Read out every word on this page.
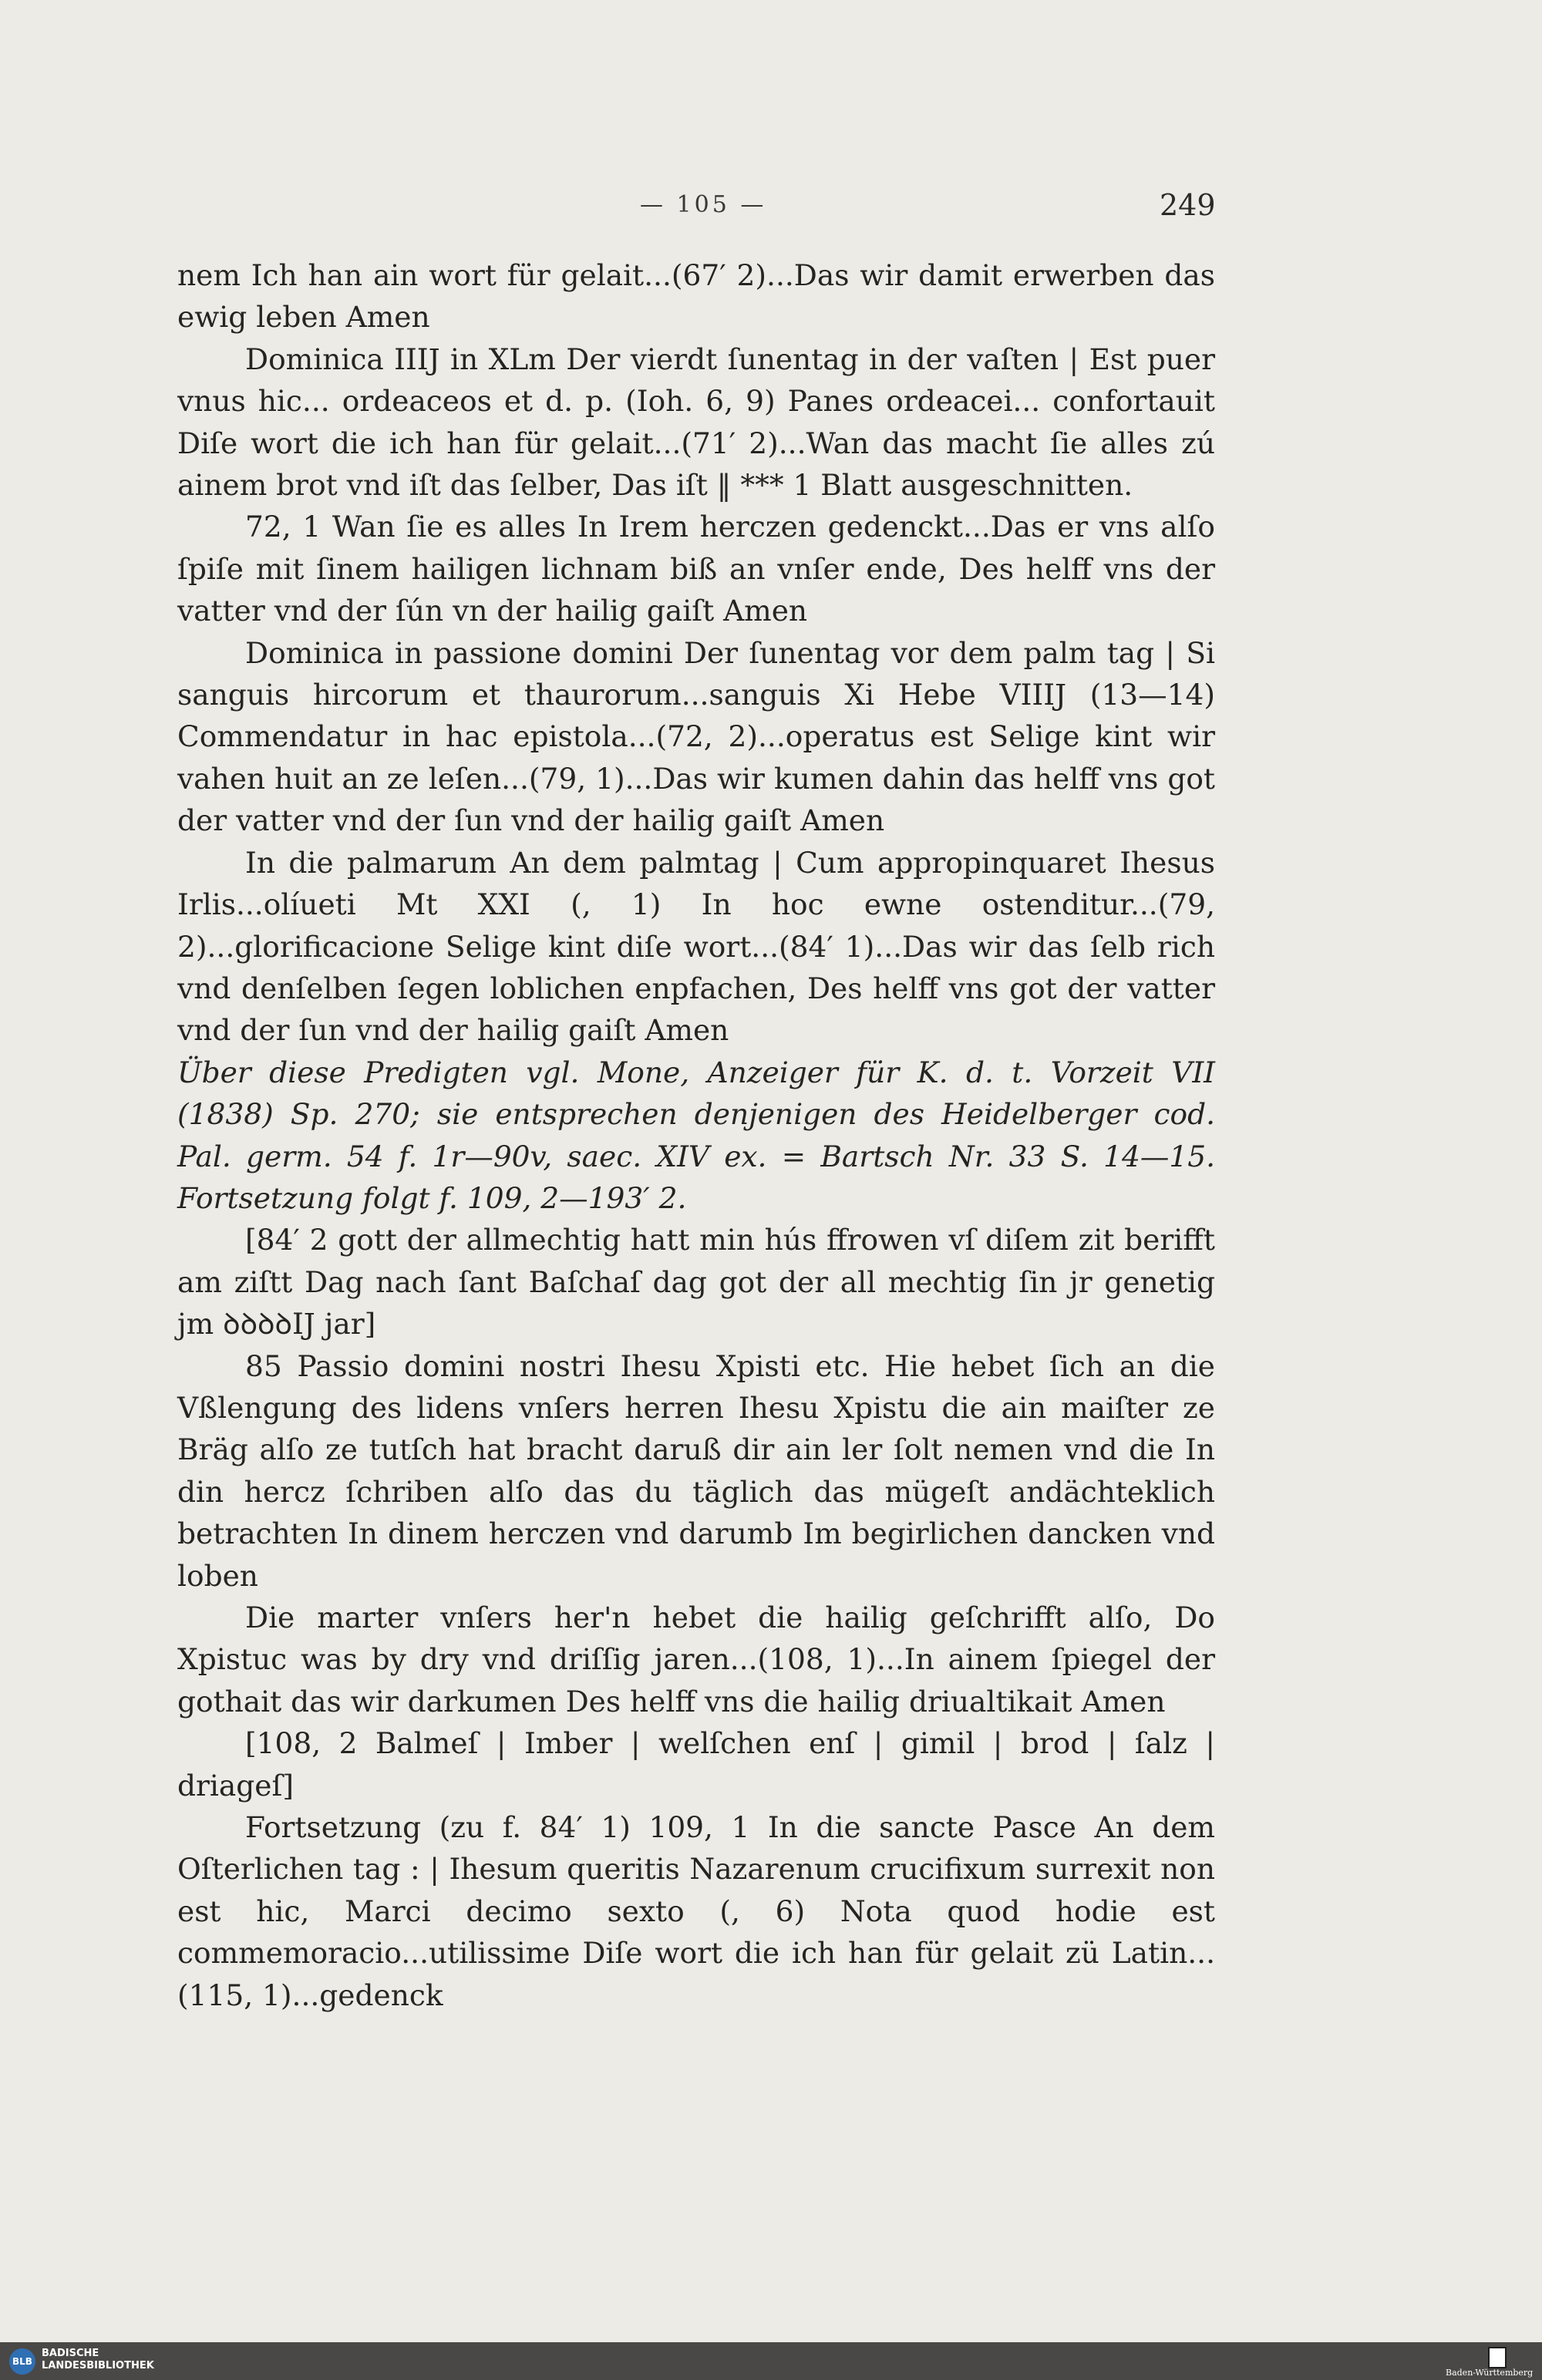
— 105 —	249

nem Ich han ain wort für gelait...(67′ 2)...Das wir damit erwerben das ewig leben Amen

Dominica IIIJ in XLm Der vierdt ſunentag in der vaſten | Est puer vnus hic... ordeaceos et d. p. (Ioh. 6, 9) Panes ordeacei... confortauit Diſe wort die ich han für gelait...(71′ 2)...Wan das macht ſie alles zú ainem brot vnd iſt das ſelber, Das iſt ‖ *** 1 Blatt ausgeschnitten.

72, 1 Wan ſie es alles In Irem herczen gedenckt...Das er vns alſo ſpiſe mit ſinem hailigen lichnam biß an vnſer ende, Des helff vns der vatter vnd der ſún vn der hailig gaiſt Amen

Dominica in passione domini Der ſunentag vor dem palm tag | Si sanguis hircorum et thaurorum...sanguis Xi Hebe VIIIJ (13—14) Commendatur in hac epistola...(72, 2)...operatus est Selige kint wir vahen huit an ze leſen...(79, 1)...Das wir kumen dahin das helff vns got der vatter vnd der ſun vnd der hailig gaiſt Amen

In die palmarum An dem palmtag | Cum appropinquaret Ihesus Irlis...olíueti Mt XXI (, 1) In hoc ewne ostenditur...(79, 2)...glorificacione Selige kint diſe wort...(84′ 1)...Das wir das ſelb rich vnd denſelben ſegen loblichen enpfachen, Des helff vns got der vatter vnd der ſun vnd der hailig gaiſt Amen

Über diese Predigten vgl. Mone, Anzeiger für K. d. t. Vorzeit VII (1838) Sp. 270; sie entsprechen denjenigen des Heidelberger cod. Pal. germ. 54 f. 1r—90v, saec. XIV ex. = Bartsch Nr. 33 S. 14—15. Fortsetzung folgt f. 109, 2—193′ 2.

[84′ 2 gott der allmechtig hatt min hús ffrowen vſ diſem zit berifft am ziſtt Dag nach ſant Baſchaſ dag got der all mechtig ſin jr genetig jm ꝺꝺꝺꝺIJ jar]

85 Passio domini nostri Ihesu Xpisti etc. Hie hebet ſich an die Vßlengung des lidens vnſers herren Ihesu Xpistu die ain maiſter ze Bräg alſo ze tutſch hat bracht daruß dir ain ler ſolt nemen vnd die In din hercz ſchriben alſo das du täglich das mügeſt andächteklich betrachten In dinem herczen vnd darumb Im begirlichen dancken vnd loben

Die marter vnſers her'n hebet die hailig geſchrifft alſo, Do Xpistuc was by dry vnd driſſig jaren...(108, 1)...In ainem ſpiegel der gothait das wir darkumen Des helff vns die hailig driualtikait Amen

[108, 2 Balmeſ | Imber | welſchen enſ | gimil | brod | ſalz | driageſ]

Fortsetzung (zu f. 84′ 1) 109, 1 In die sancte Pasce An dem Oſterlichen tag : | Ihesum queritis Nazarenum crucifixum surrexit non est hic, Marci decimo sexto (, 6) Nota quod hodie est commemoracio...utilissime Diſe wort die ich han für gelait zü Latin...(115, 1)...gedenck

BLB
BADISCHE
LANDESBIBLIOTHEK
Baden-Württemberg
